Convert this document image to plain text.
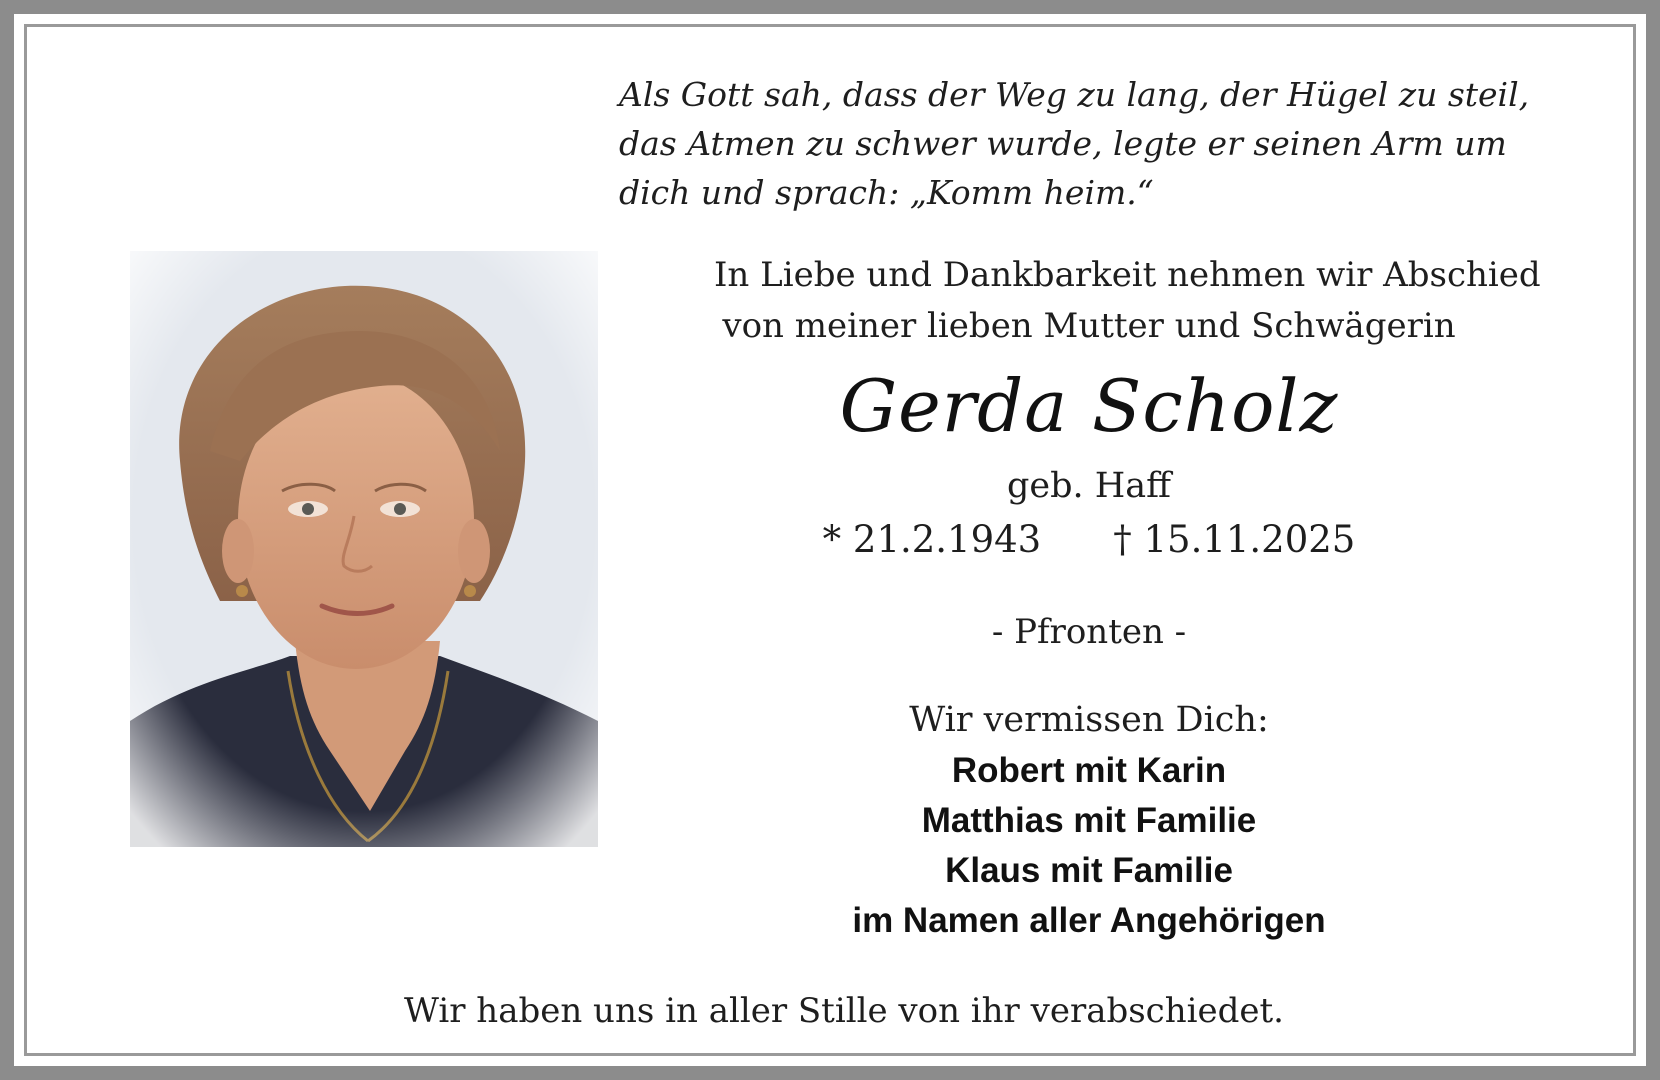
Als Gott sah, dass der Weg zu lang, der Hügel zu steil,
das Atmen zu schwer wurde, legte er seinen Arm um
dich und sprach: „Komm heim.“
In Liebe und Dankbarkeit nehmen wir Abschied
von meiner lieben Mutter und Schwägerin
Gerda Scholz
geb. Haff
* 21.2.1943 † 15.11.2025
- Pfronten -
Wir vermissen Dich:
Robert mit Karin
Matthias mit Familie
Klaus mit Familie
im Namen aller Angehörigen
Wir haben uns in aller Stille von ihr verabschiedet.
